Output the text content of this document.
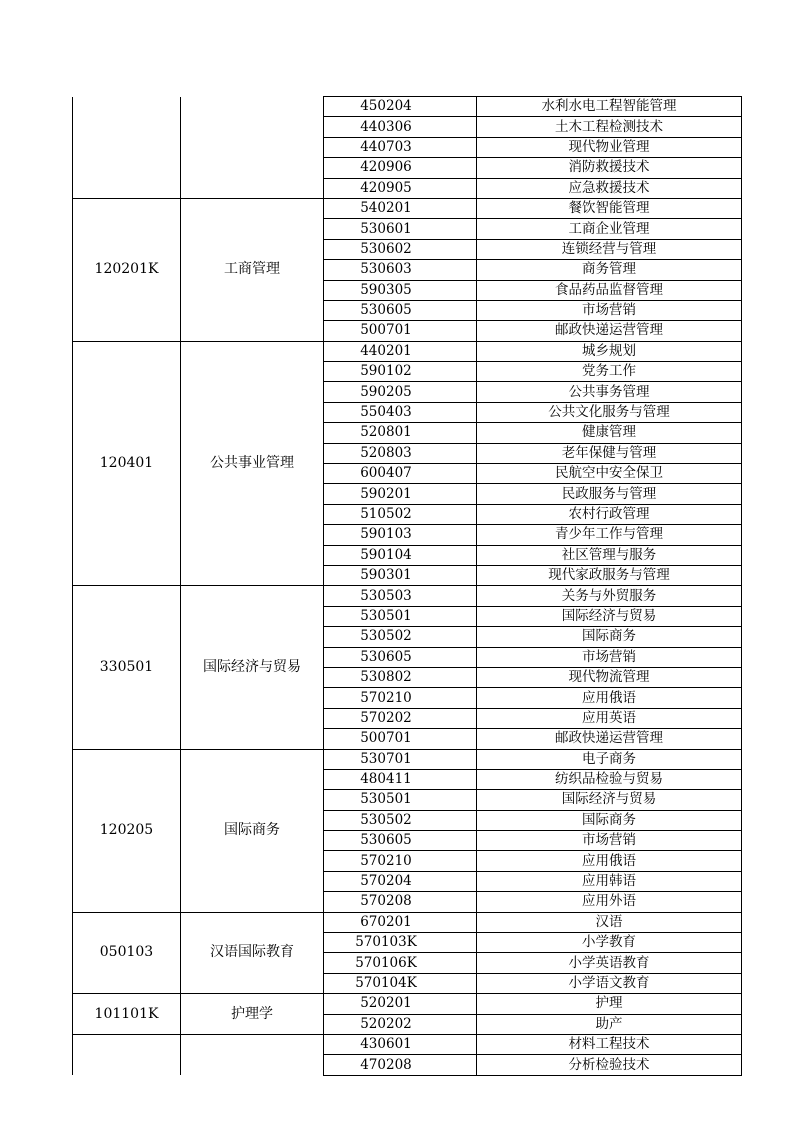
		450204	水利水电工程智能管理
		440306	土木工程检测技术
		440703	现代物业管理
		420906	消防救援技术
		420905	应急救援技术
120201K	工商管理	540201	餐饮智能管理
		530601	工商企业管理
		530602	连锁经营与管理
		530603	商务管理
		590305	食品药品监督管理
		530605	市场营销
		500701	邮政快递运营管理
120401	公共事业管理	440201	城乡规划
		590102	党务工作
		590205	公共事务管理
		550403	公共文化服务与管理
		520801	健康管理
		520803	老年保健与管理
		600407	民航空中安全保卫
		590201	民政服务与管理
		510502	农村行政管理
		590103	青少年工作与管理
		590104	社区管理与服务
		590301	现代家政服务与管理
330501	国际经济与贸易	530503	关务与外贸服务
		530501	国际经济与贸易
		530502	国际商务
		530605	市场营销
		530802	现代物流管理
		570210	应用俄语
		570202	应用英语
		500701	邮政快递运营管理
120205	国际商务	530701	电子商务
		480411	纺织品检验与贸易
		530501	国际经济与贸易
		530502	国际商务
		530605	市场营销
		570210	应用俄语
		570204	应用韩语
		570208	应用外语
050103	汉语国际教育	670201	汉语
		570103K	小学教育
		570106K	小学英语教育
		570104K	小学语文教育
101101K	护理学	520201	护理
		520202	助产
		430601	材料工程技术
		470208	分析检验技术
